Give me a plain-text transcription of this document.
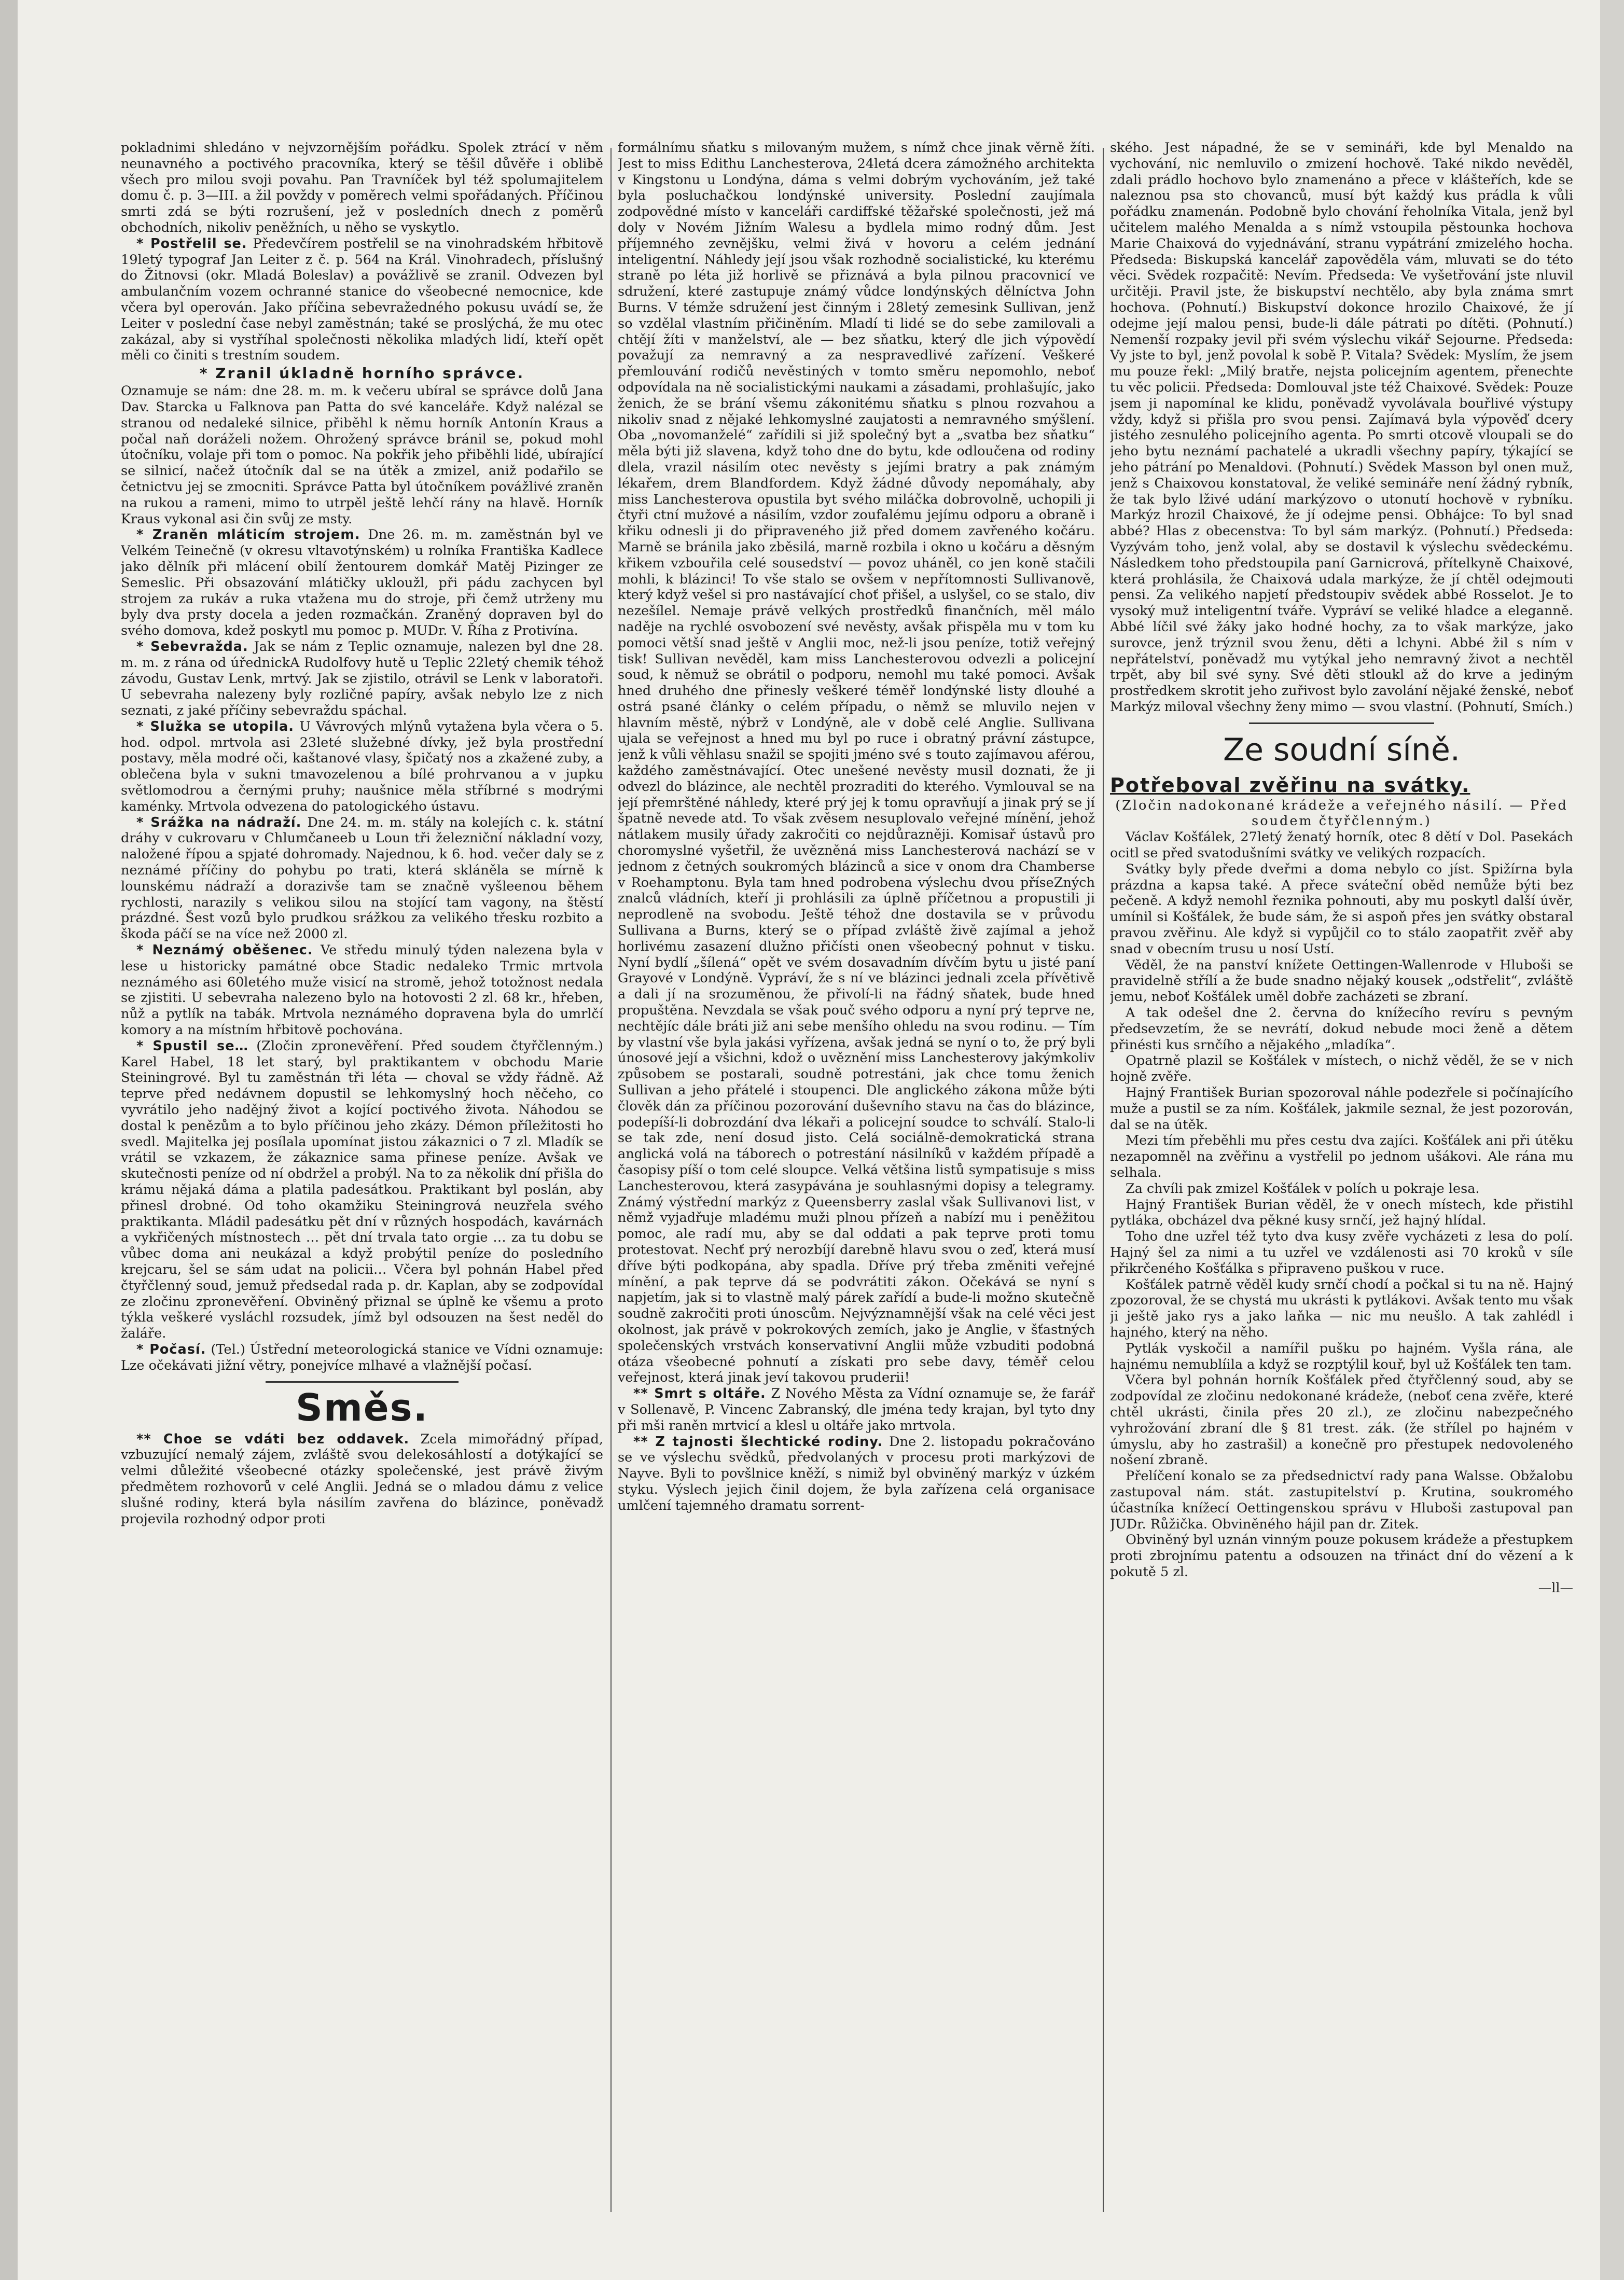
pokladnimi shledáno v nejvzornějším pořádku. Spolek ztrácí v něm neunavného a poctivého pracovníka, který se těšil důvěře i oblibě všech pro milou svoji povahu. Pan Travníček byl též spolumajitelem domu č. p. 3—III. a žil povždy v poměrech velmi spořádaných. Příčinou smrti zdá se býti rozrušení, jež v posledních dnech z poměrů obchodních, nikoliv peněžních, u něho se vyskytlo.

* Postřelil se. Předevčírem postřelil se na vinohradském hřbitově 19letý typograf Jan Leiter z č. p. 564 na Král. Vinohradech, příslušný do Žitnovsi (okr. Mladá Boleslav) a povážlivě se zranil. Odvezen byl ambulančním vozem ochranné stanice do všeobecné nemocnice, kde včera byl operován. Jako příčina sebevražedného pokusu uvádí se, že Leiter v poslední čase nebyl zaměstnán; také se proslýchá, že mu otec zakázal, aby si vystříhal společnosti několika mladých lidí, kteří opět měli co činiti s trestním soudem.

* Zranil úkladně horního správce.

Oznamuje se nám: dne 28. m. m. k večeru ubíral se správce dolů Jana Dav. Starcka u Falknova pan Patta do své kanceláře. Když nalézal se stranou od nedaleké silnice, přiběhl k němu horník Antonín Kraus a počal naň doráželi nožem. Ohrožený správce bránil se, pokud mohl útočníku, volaje při tom o pomoc. Na pokřik jeho přiběhli lidé, ubírající se silnicí, načež útočník dal se na útěk a zmizel, aniž podařilo se četnictvu jej se zmocniti. Správce Patta byl útočníkem povážlivé zraněn na rukou a rameni, mimo to utrpěl ještě lehčí rány na hlavě. Horník Kraus vykonal asi čin svůj ze msty.

* Zraněn mláticím strojem. Dne 26. m. m. zaměstnán byl ve Velkém Teinečně (v okresu vltavotýnském) u rolníka Františka Kadlece jako dělník při mlácení obilí žentourem domkář Matěj Pizinger ze Semeslic. Při obsazování mlátičky ukloužl, při pádu zachycen byl strojem za rukáv a ruka vtažena mu do stroje, při čemž utrženy mu byly dva prsty docela a jeden rozmačkán. Zraněný dopraven byl do svého domova, kdež poskytl mu pomoc p. MUDr. V. Říha z Protivína.

* Sebevražda. Jak se nám z Teplic oznamuje, nalezen byl dne 28. m. m. z rána od úřednickA Rudolfovy hutě u Teplic 22letý chemik téhož závodu, Gustav Lenk, mrtvý. Jak se zjistilo, otrávil se Lenk v laboratoři. U sebevraha nalezeny byly rozličné papíry, avšak nebylo lze z nich seznati, z jaké příčiny sebevraždu spáchal.

* Služka se utopila. U Vávrových mlýnů vytažena byla včera o 5. hod. odpol. mrtvola asi 23leté služebné dívky, jež byla prostřední postavy, měla modré oči, kaštanové vlasy, špičatý nos a zkažené zuby, a oblečena byla v sukni tmavozelenou a bílé prohrvanou a v jupku světlomodrou a černými pruhy; naušnice měla stříbrné s modrými kaménky. Mrtvola odvezena do patologického ústavu.

* Srážka na nádraží. Dne 24. m. m. stály na kolejích c. k. státní dráhy v cukrovaru v Chlumčaneeb u Loun tři železniční nákladní vozy, naložené řípou a spjaté dohromady. Najednou, k 6. hod. večer daly se z neznámé příčiny do pohybu po trati, která skláněla se mírně k lounskému nádraží a dorazivše tam se značně vyšleenou během rychlosti, narazily s velikou silou na stojící tam vagony, na štěstí prázdné. Šest vozů bylo prudkou srážkou za velikého třesku rozbito a škoda páčí se na více než 2000 zl.

* Neznámý oběšenec. Ve středu minulý týden nalezena byla v lese u historicky památné obce Stadic nedaleko Trmic mrtvola neznámého asi 60letého muže visicí na stromě, jehož totožnost nedala se zjistiti. U sebevraha nalezeno bylo na hotovosti 2 zl. 68 kr., hřeben, nůž a pytlík na tabák. Mrtvola neznámého dopravena byla do umrlčí komory a na místním hřbitově pochována.

* Spustil se… (Zločin zpronevěření. Před soudem čtyřčlenným.) Karel Habel, 18 let starý, byl praktikantem v obchodu Marie Steiningrové. Byl tu zaměstnán tři léta — choval se vždy řádně. Až teprve před nedávnem dopustil se lehkomyslný hoch něčeho, co vyvrátilo jeho nadějný život a kojící poctivého života. Náhodou se dostal k penězům a to bylo příčinou jeho zkázy. Démon příležitosti ho svedl. Majitelka jej posílala upomínat jistou zákaznici o 7 zl. Mladík se vrátil se vzkazem, že zákaznice sama přinese peníze. Avšak ve skutečnosti peníze od ní obdržel a probýl. Na to za několik dní přišla do krámu nějaká dáma a platila padesátkou. Praktikant byl poslán, aby přinesl drobné. Od toho okamžiku Steiningrová neuzřela svého praktikanta. Mládil padesátku pět dní v různých hospodách, kavárnách a vykřičených místnostech … pět dní trvala tato orgie … za tu dobu se vůbec doma ani neukázal a když probýtil peníze do posledního krejcaru, šel se sám udat na policii… Včera byl pohnán Habel před čtyřčlenný soud, jemuž předsedal rada p. dr. Kaplan, aby se zodpovídal ze zločinu zpronevěření. Obviněný přiznal se úplně ke všemu a proto týkla veškeré vysláchl rozsudek, jímž byl odsouzen na šest neděl do žaláře.

* Počasí. (Tel.) Ústřední meteorologická stanice ve Vídni oznamuje: Lze očekávati jižní větry, ponejvíce mlhavé a vlažnější počasí.

Směs.

** Choe se vdáti bez oddavek. Zcela mimořádný případ, vzbuzující nemalý zájem, zvláště svou delekosáhlostí a dotýkající se velmi důležité všeobecné otázky společenské, jest právě živým předmětem rozhovorů v celé Anglii. Jedná se o mladou dámu z velice slušné rodiny, která byla násilím zavřena do blázince, poněvadž projevila rozhodný odpor proti

formálnímu sňatku s milovaným mužem, s nímž chce jinak věrně žíti. Jest to miss Edithu Lanchesterova, 24letá dcera zámožného architekta v Kingstonu u Londýna, dáma s velmi dobrým vychováním, jež také byla posluchačkou londýnské university. Poslední zaujímala zodpovědné místo v kanceláři cardiffské těžařské společnosti, jež má doly v Novém Jižním Walesu a bydlela mimo rodný dům. Jest příjemného zevnějšku, velmi živá v hovoru a celém jednání inteligentní. Náhledy její jsou však rozhodně socialistické, ku kterému straně po léta již horlivě se přiznává a byla pilnou pracovnicí ve sdružení, které zastupuje známý vůdce londýnských dělníctva John Burns. V témže sdružení jest činným i 28letý zemesink Sullivan, jenž so vzdělal vlastním přičiněním. Mladí ti lidé se do sebe zamilovali a chtějí žíti v manželství, ale — bez sňatku, který dle jich výpovědí považují za nemravný a za nespravedlivé zařízení. Veškeré přemlouvání rodičů nevěstiných v tomto směru nepomohlo, neboť odpovídala na ně socialistickými naukami a zásadami, prohlašujíc, jako ženich, že se brání všemu zákonitému sňatku s plnou rozvahou a nikoliv snad z nějaké lehkomyslné zaujatosti a nemravného smýšlení. Oba „novomanželé“ zařídili si již společný byt a „svatba bez sňatku“ měla býti již slavena, když toho dne do bytu, kde odloučena od rodiny dlela, vrazil násilím otec nevěsty s jejími bratry a pak známým lékařem, drem Blandfordem. Když žádné důvody nepomáhaly, aby miss Lanchesterova opustila byt svého miláčka dobrovolně, uchopili ji čtyři ctní mužové a násilím, vzdor zoufalému jejímu odporu a obraně i křiku odnesli ji do připraveného již před domem zavřeného kočáru. Marně se bránila jako zběsilá, marně rozbila i okno u kočáru a děsným křikem vzbouřila celé sousedství — povoz uháněl, co jen koně stačili mohli, k blázinci! To vše stalo se ovšem v nepřítomnosti Sullivanově, který když vešel si pro nastávající choť přišel, a uslyšel, co se stalo, div nezešílel. Nemaje právě velkých prostředků finančních, měl málo naděje na rychlé osvobození své nevěsty, avšak přispěla mu v tom ku pomoci větší snad ještě v Anglii moc, než-li jsou peníze, totiž veřejný tisk! Sullivan nevěděl, kam miss Lanchesterovou odvezli a policejní soud, k němuž se obrátil o podporu, nemohl mu také pomoci. Avšak hned druhého dne přinesly veškeré téměř londýnské listy dlouhé a ostrá psané články o celém případu, o němž se mluvilo nejen v hlavním městě, nýbrž v Londýně, ale v době celé Anglie. Sullivana ujala se veřejnost a hned mu byl po ruce i obratný právní zástupce, jenž k vůli věhlasu snažil se spojiti jméno své s touto zajímavou aférou, každého zaměstnávající. Otec unešené nevěsty musil doznati, že ji odvezl do blázince, ale nechtěl prozraditi do kterého. Vymlouval se na její přemrštěné náhledy, které prý jej k tomu opravňují a jinak prý se jí špatně nevede atd. To však zvěsem nesuplovalo veřejné mínění, jehož nátlakem musily úřady zakročiti co nejdůrazněji. Komisař ústavů pro choromyslné vyšetřil, že uvězněná miss Lanchesterová nachází se v jednom z četných soukromých blázinců a sice v onom dra Chamberse v Roehamptonu. Byla tam hned podrobena výslechu dvou příseZných znalců vládních, kteří ji prohlásili za úplně příčetnou a propustili ji neprodleně na svobodu. Ještě téhož dne dostavila se v průvodu Sullivana a Burns, který se o případ zvláště živě zajímal a jehož horlivému zasazení dlužno přičísti onen všeobecný pohnut v tisku. Nyní bydlí „šílená“ opět ve svém dosavadním dívčím bytu u jisté paní Grayové v Londýně. Vypráví, že s ní ve blázinci jednali zcela přívětivě a dali jí na srozuměnou, že přivolí-li na řádný sňatek, bude hned propuštěna. Nevzdala se však pouč svého odporu a nyní prý teprve ne, nechtějíc dále bráti již ani sebe menšího ohledu na svou rodinu. — Tím by vlastní vše byla jakási vyřízena, avšak jedná se nyní o to, že prý byli únosové její a všichni, kdož o uvěznění miss Lanchesterovy jakýmkoliv způsobem se postarali, soudně potrestáni, jak chce tomu ženich Sullivan a jeho přátelé i stoupenci. Dle anglického zákona může býti člověk dán za příčinou pozorování duševního stavu na čas do blázince, podepíší-li dobrozdání dva lékaři a policejní soudce to schválí. Stalo-li se tak zde, není dosud jisto. Celá sociálně-demokratická strana anglická volá na táborech o potrestání násilníků v každém případě a časopisy píší o tom celé sloupce. Velká většina listů sympatisuje s miss Lanchesterovou, která zasypávána je souhlasnými dopisy a telegramy. Známý výstřední markýz z Queensberry zaslal však Sullivanovi list, v němž vyjadřuje mladému muži plnou přízeň a nabízí mu i peněžitou pomoc, ale radí mu, aby se dal oddati a pak teprve proti tomu protestovat. Nechť prý nerozbíjí darebně hlavu svou o zeď, která musí dříve býti podkopána, aby spadla. Dříve prý třeba změniti veřejné mínění, a pak teprve dá se podvrátiti zákon. Očekává se nyní s napjetím, jak si to vlastně malý párek zařídí a bude-li možno skutečně soudně zakročiti proti únoscům. Nejvýznamnější však na celé věci jest okolnost, jak právě v pokrokových zemích, jako je Anglie, v šťastných společenských vrstvách konservativní Anglii může vzbuditi podobná otáza všeobecné pohnutí a získati pro sebe davy, téměř celou veřejnost, která jinak jeví takovou pruderii!

** Smrt s oltáře. Z Nového Města za Vídní oznamuje se, že farář v Sollenavě, P. Vincenc Zabranský, dle jména tedy krajan, byl tyto dny při mši raněn mrtvicí a klesl u oltáře jako mrtvola.

** Z tajnosti šlechtické rodiny. Dne 2. listopadu pokračováno se ve výslechu svědků, předvolaných v procesu proti markýzovi de Nayve. Byli to povšlnice kněží, s nimiž byl obviněný markýz v úzkém styku. Výslech jejich činil dojem, že byla zařízena celá organisace umlčení tajemného dramatu sorrent-

ského. Jest nápadné, že se v semináři, kde byl Menaldo na vychování, nic nemluvilo o zmizení hochově. Také nikdo nevěděl, zdali prádlo hochovo bylo znamenáno a přece v klášteřích, kde se naleznou psa sto chovanců, musí být každý kus prádla k vůli pořádku znamenán. Podobně bylo chování řeholníka Vitala, jenž byl učitelem malého Menalda a s nímž vstoupila pěstounka hochova Marie Chaixová do vyjednávání, stranu vypátrání zmizelého hocha. Předseda: Biskupská kancelář zapověděla vám, mluvati se do této věci. Svědek rozpačitě: Nevím. Předseda: Ve vyšetřování jste nluvil určitěji. Pravil jste, že biskupství nechtělo, aby byla známa smrt hochova. (Pohnutí.) Biskupství dokonce hrozilo Chaixové, že jí odejme její malou pensi, bude-li dále pátrati po dítěti. (Pohnutí.) Nemenší rozpaky jevil při svém výslechu vikář Sejourne. Předseda: Vy jste to byl, jenž povolal k sobě P. Vitala? Svědek: Myslím, že jsem mu pouze řekl: „Milý bratře, nejsta policejním agentem, přenechte tu věc policii. Předseda: Domlouval jste též Chaixové. Svědek: Pouze jsem ji napomínal ke klidu, poněvadž vyvolávala bouřlivé výstupy vždy, když si přišla pro svou pensi. Zajímavá byla výpověď dcery jistého zesnulého policejního agenta. Po smrti otcově vloupali se do jeho bytu neznámí pachatelé a ukradli všechny papíry, týkající se jeho pátrání po Menaldovi. (Pohnutí.) Svědek Masson byl onen muž, jenž s Chaixovou konstatoval, že veliké semináře není žádný rybník, že tak bylo lživé udání markýzovo o utonutí hochově v rybníku. Markýz hrozil Chaixové, že jí odejme pensi. Obhájce: To byl snad abbé? Hlas z obecenstva: To byl sám markýz. (Pohnutí.) Předseda: Vyzývám toho, jenž volal, aby se dostavil k výslechu svědeckému. Následkem toho předstoupila paní Garnicrová, přítelkyně Chaixové, která prohlásila, že Chaixová udala markýze, že jí chtěl odejmouti pensi. Za velikého napjetí předstoupiv svědek abbé Rosselot. Je to vysoký muž inteligentní tváře. Vypráví se veliké hladce a eleganně. Abbé líčil své žáky jako hodné hochy, za to však markýze, jako surovce, jenž trýznil svou ženu, děti a lchyni. Abbé žil s ním v nepřátelství, poněvadž mu vytýkal jeho nemravný život a nechtěl trpět, aby bil své syny. Své děti stloukl až do krve a jediným prostředkem skrotit jeho zuřivost bylo zavolání nějaké ženské, neboť Markýz miloval všechny ženy mimo — svou vlastní. (Pohnutí, Smích.)

Ze soudní síně.
Potřeboval zvěřinu na svátky.

(Zločin nadokonané krádeže a veřejného násilí. — Před soudem čtyřčlenným.)

Václav Košťálek, 27letý ženatý horník, otec 8 dětí v Dol. Pasekách ocitl se před svatodušními svátky ve velikých rozpacích.

Svátky byly přede dveřmi a doma nebylo co jíst. Spižírna byla prázdna a kapsa také. A přece sváteční oběd nemůže býti bez pečeně. A když nemohl řeznika pohnouti, aby mu poskytl další úvěr, umínil si Košťálek, že bude sám, že si aspoň přes jen svátky obstaral pravou zvěřinu. Ale když si vypůjčil co to stálo zaopatřit zvěř aby snad v obecním trusu u nosí Ustí.

Věděl, že na panství knížete Oettingen-Wallenrode v Hluboši se pravidelně střílí a že bude snadno nějaký kousek „odstřelit“, zvláště jemu, neboť Košťálek uměl dobře zacházeti se zbraní.

A tak odešel dne 2. června do knížecího revíru s pevným předsevzetím, že se nevrátí, dokud nebude moci ženě a dětem přinésti kus srnčího a nějakého „mladíka“.

Opatrně plazil se Košťálek v místech, o nichž věděl, že se v nich hojně zvěře.

Hajný František Burian spozoroval náhle podezřele si počínajícího muže a pustil se za ním. Košťálek, jakmile seznal, že jest pozorován, dal se na útěk.

Mezi tím přeběhli mu přes cestu dva zajíci. Košťálek ani při útěku nezapomněl na zvěřinu a vystřelil po jednom ušákovi. Ale rána mu selhala.

Za chvíli pak zmizel Košťálek v polích u pokraje lesa.

Hajný František Burian věděl, že v onech místech, kde přistihl pytláka, obcházel dva pěkné kusy srnčí, jež hajný hlídal.

Toho dne uzřel též tyto dva kusy zvěře vycházeti z lesa do polí. Hajný šel za nimi a tu uzřel ve vzdálenosti asi 70 kroků v síle přikrčeného Košťálka s připraveno puškou v ruce.

Košťálek patrně věděl kudy srnčí chodí a počkal si tu na ně. Hajný zpozoroval, že se chystá mu ukrásti k pytlákovi. Avšak tento mu však ji ještě jako rys a jako laňka — nic mu neušlo. A tak zahlédl i hajného, který na něho.

Pytlák vyskočil a namířil pušku po hajném. Vyšla rána, ale hajnému nemublíila a když se rozptýlil kouř, byl už Košťálek ten tam.

Včera byl pohnán horník Košťálek před čtyřčlenný soud, aby se zodpovídal ze zločinu nedokonané krádeže, (neboť cena zvěře, které chtěl ukrásti, činila přes 20 zl.), ze zločinu nabezpečného vyhrožování zbraní dle § 81 trest. zák. (že střílel po hajném v úmyslu, aby ho zastrašil) a konečně pro přestupek nedovoleného nošení zbraně.

Přelíčení konalo se za předsednictví rady pana Walsse. Obžalobu zastupoval nám. stát. zastupitelství p. Krutina, soukromého účastníka knížecí Oettingenskou správu v Hluboši zastupoval pan JUDr. Růžička. Obviněného hájil pan dr. Zitek.

Obviněný byl uznán vinným pouze pokusem krádeže a přestupkem proti zbrojnímu patentu a odsouzen na třináct dní do vězení a k pokutě 5 zl.

—ll—
